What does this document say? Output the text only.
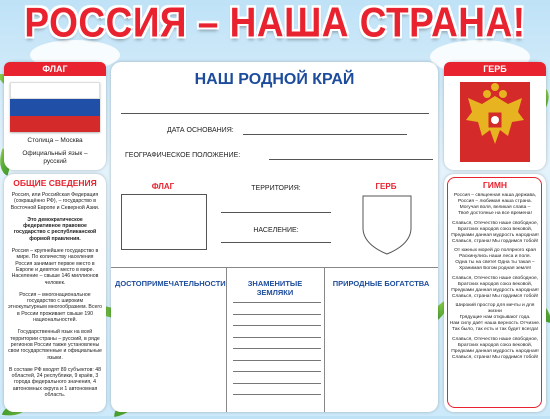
РОССИЯ – НАША СТРАНА!
ФЛАГ
Столица – Москва
Официальный язык – русский
ОБЩИЕ СВЕДЕНИЯ
Россия, или Российская Федерация (сокращённо РФ), – государство в Восточной Европе и Северной Азии.
Это демократическое федеративное правовое государство с республиканской формой правления.
Россия – крупнейшее государство в мире. По количеству населения Россия занимает первое место в Европе и девятое место в мире. Население – свыше 146 миллионов человек.
Россия – многонациональное государство с широким этнокультурным многообразием. Всего в России проживает свыше 190 национальностей.
Государственный язык на всей территории страны – русский, в ряде регионов России также установлены свои государственные и официальные языки.
В составе РФ входят 89 субъектов: 48 областей, 24 республики, 9 краёв, 3 города федерального значения, 4 автономных округа и 1 автономная область.
НАШ РОДНОЙ КРАЙ
ДАТА ОСНОВАНИЯ:
ГЕОГРАФИЧЕСКОЕ ПОЛОЖЕНИЕ:
ФЛАГ	ТЕРРИТОРИЯ:
НАСЕЛЕНИЕ:
ГЕРБ
ДОСТОПРИМЕЧАТЕЛЬНОСТИ	ЗНАМЕНИТЫЕ ЗЕМЛЯКИ
ПРИРОДНЫЕ БОГАТСТВА
ГЕРБ
ГИМН

Россия – священная наша держава,
Россия – любимая наша страна.
Могучая воля, великая слава –
Твоё достоянье на все времена!

Славься, Отечество наше свободное,
Братских народов союз вековой,
Предками данная мудрость народная!
Славься, страна! Мы гордимся тобой!

От южных морей до полярного края
Раскинулись наши леса и поля.
Одна ты на свете! Одна ты такая –
Хранимая Богом родная земля!

Славься, Отечество наше свободное,
Братских народов союз вековой,
Предками данная мудрость народная!
Славься, страна! Мы гордимся тобой!

Широкий простор для мечты и для жизни
Грядущие нам открывают года.
Нам силу даёт наша верность Отчизне.
Так было, так есть и так будет всегда!

Славься, Отечество наше свободное,
Братских народов союз вековой,
Предками данная мудрость народная!
Славься, страна! Мы гордимся тобой!
